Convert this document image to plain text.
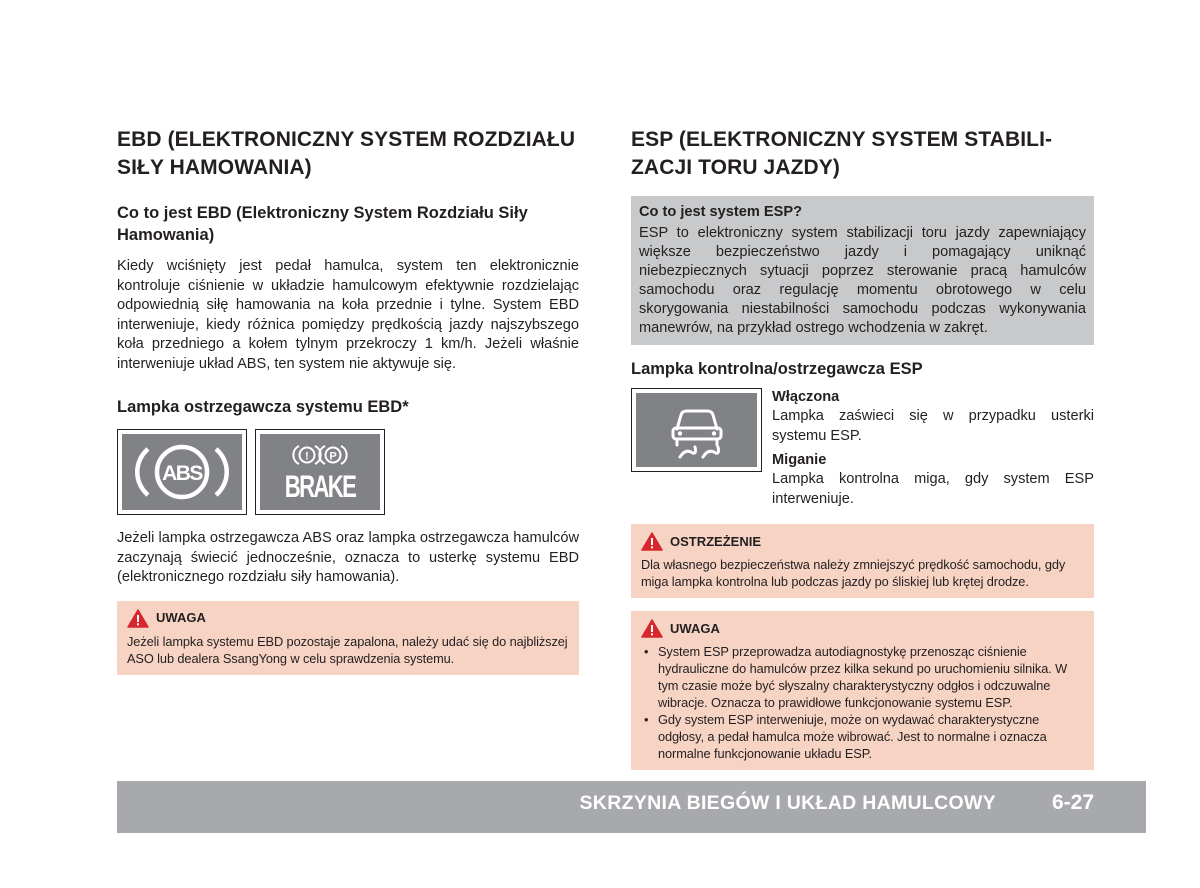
EBD (ELEKTRONICZNY SYSTEM ROZDZIAŁU SIŁY HAMOWANIA)
Co to jest EBD (Elektroniczny System Rozdziału Siły Hamowania)

Kiedy wciśnięty jest pedał hamulca, system ten elektronicznie kontroluje ciśnienie w układzie hamulcowym efektywnie rozdzielając odpowiednią siłę hamowania na koła przednie i tylne. System EBD interweniuje, kiedy różnica pomiędzy prędkością jazdy najszybszego koła przedniego a kołem tylnym przekroczy 1 km/h. Jeżeli właśnie interweniuje układ ABS, ten system nie aktywuje się.

Lampka ostrzegawcza systemu EBD*
ABS
! P
BRAKE

Jeżeli lampka ostrzegawcza ABS oraz lampka ostrzegawcza hamulców zaczynają świecić jednocześnie, oznacza to usterkę systemu EBD (elektronicznego rozdziału siły hamowania).

UWAGA
Jeżeli lampka systemu EBD pozostaje zapalona, należy udać się do najbliższej ASO lub dealera SsangYong w celu sprawdzenia systemu.
ESP (ELEKTRONICZNY SYSTEM STABILI-ZACJI TORU JAZDY)
Co to jest system ESP?
ESP to elektroniczny system stabilizacji toru jazdy zapewniający większe bezpieczeństwo jazdy i pomagający uniknąć niebezpiecznych sytuacji poprzez sterowanie pracą hamulców samochodu oraz regulację momentu obrotowego w celu skorygowania niestabilności samochodu podczas wykonywania manewrów, na przykład ostrego wchodzenia w zakręt.
Lampka kontrolna/ostrzegawcza ESP
Włączona
Lampka zaświeci się w przypadku usterki systemu ESP.
Miganie
Lampka kontrolna miga, gdy system ESP interweniuje.
OSTRZEŻENIE
Dla własnego bezpieczeństwa należy zmniejszyć prędkość samochodu, gdy miga lampka kontrolna lub podczas jazdy po śliskiej lub krętej drodze.
UWAGA
• System ESP przeprowadza autodiagnostykę przenosząc ciśnienie hydrauliczne do hamulców przez kilka sekund po uruchomieniu silnika. W tym czasie może być słyszalny charakterystyczny odgłos i odczuwalne wibracje. Oznacza to prawidłowe funkcjonowanie systemu ESP.
• Gdy system ESP interweniuje, może on wydawać charakterystyczne odgłosy, a pedał hamulca może wibrować. Jest to normalne i oznacza normalne funkcjonowanie układu ESP.
SKRZYNIA BIEGÓW I UKŁAD HAMULCOWY	6-27
